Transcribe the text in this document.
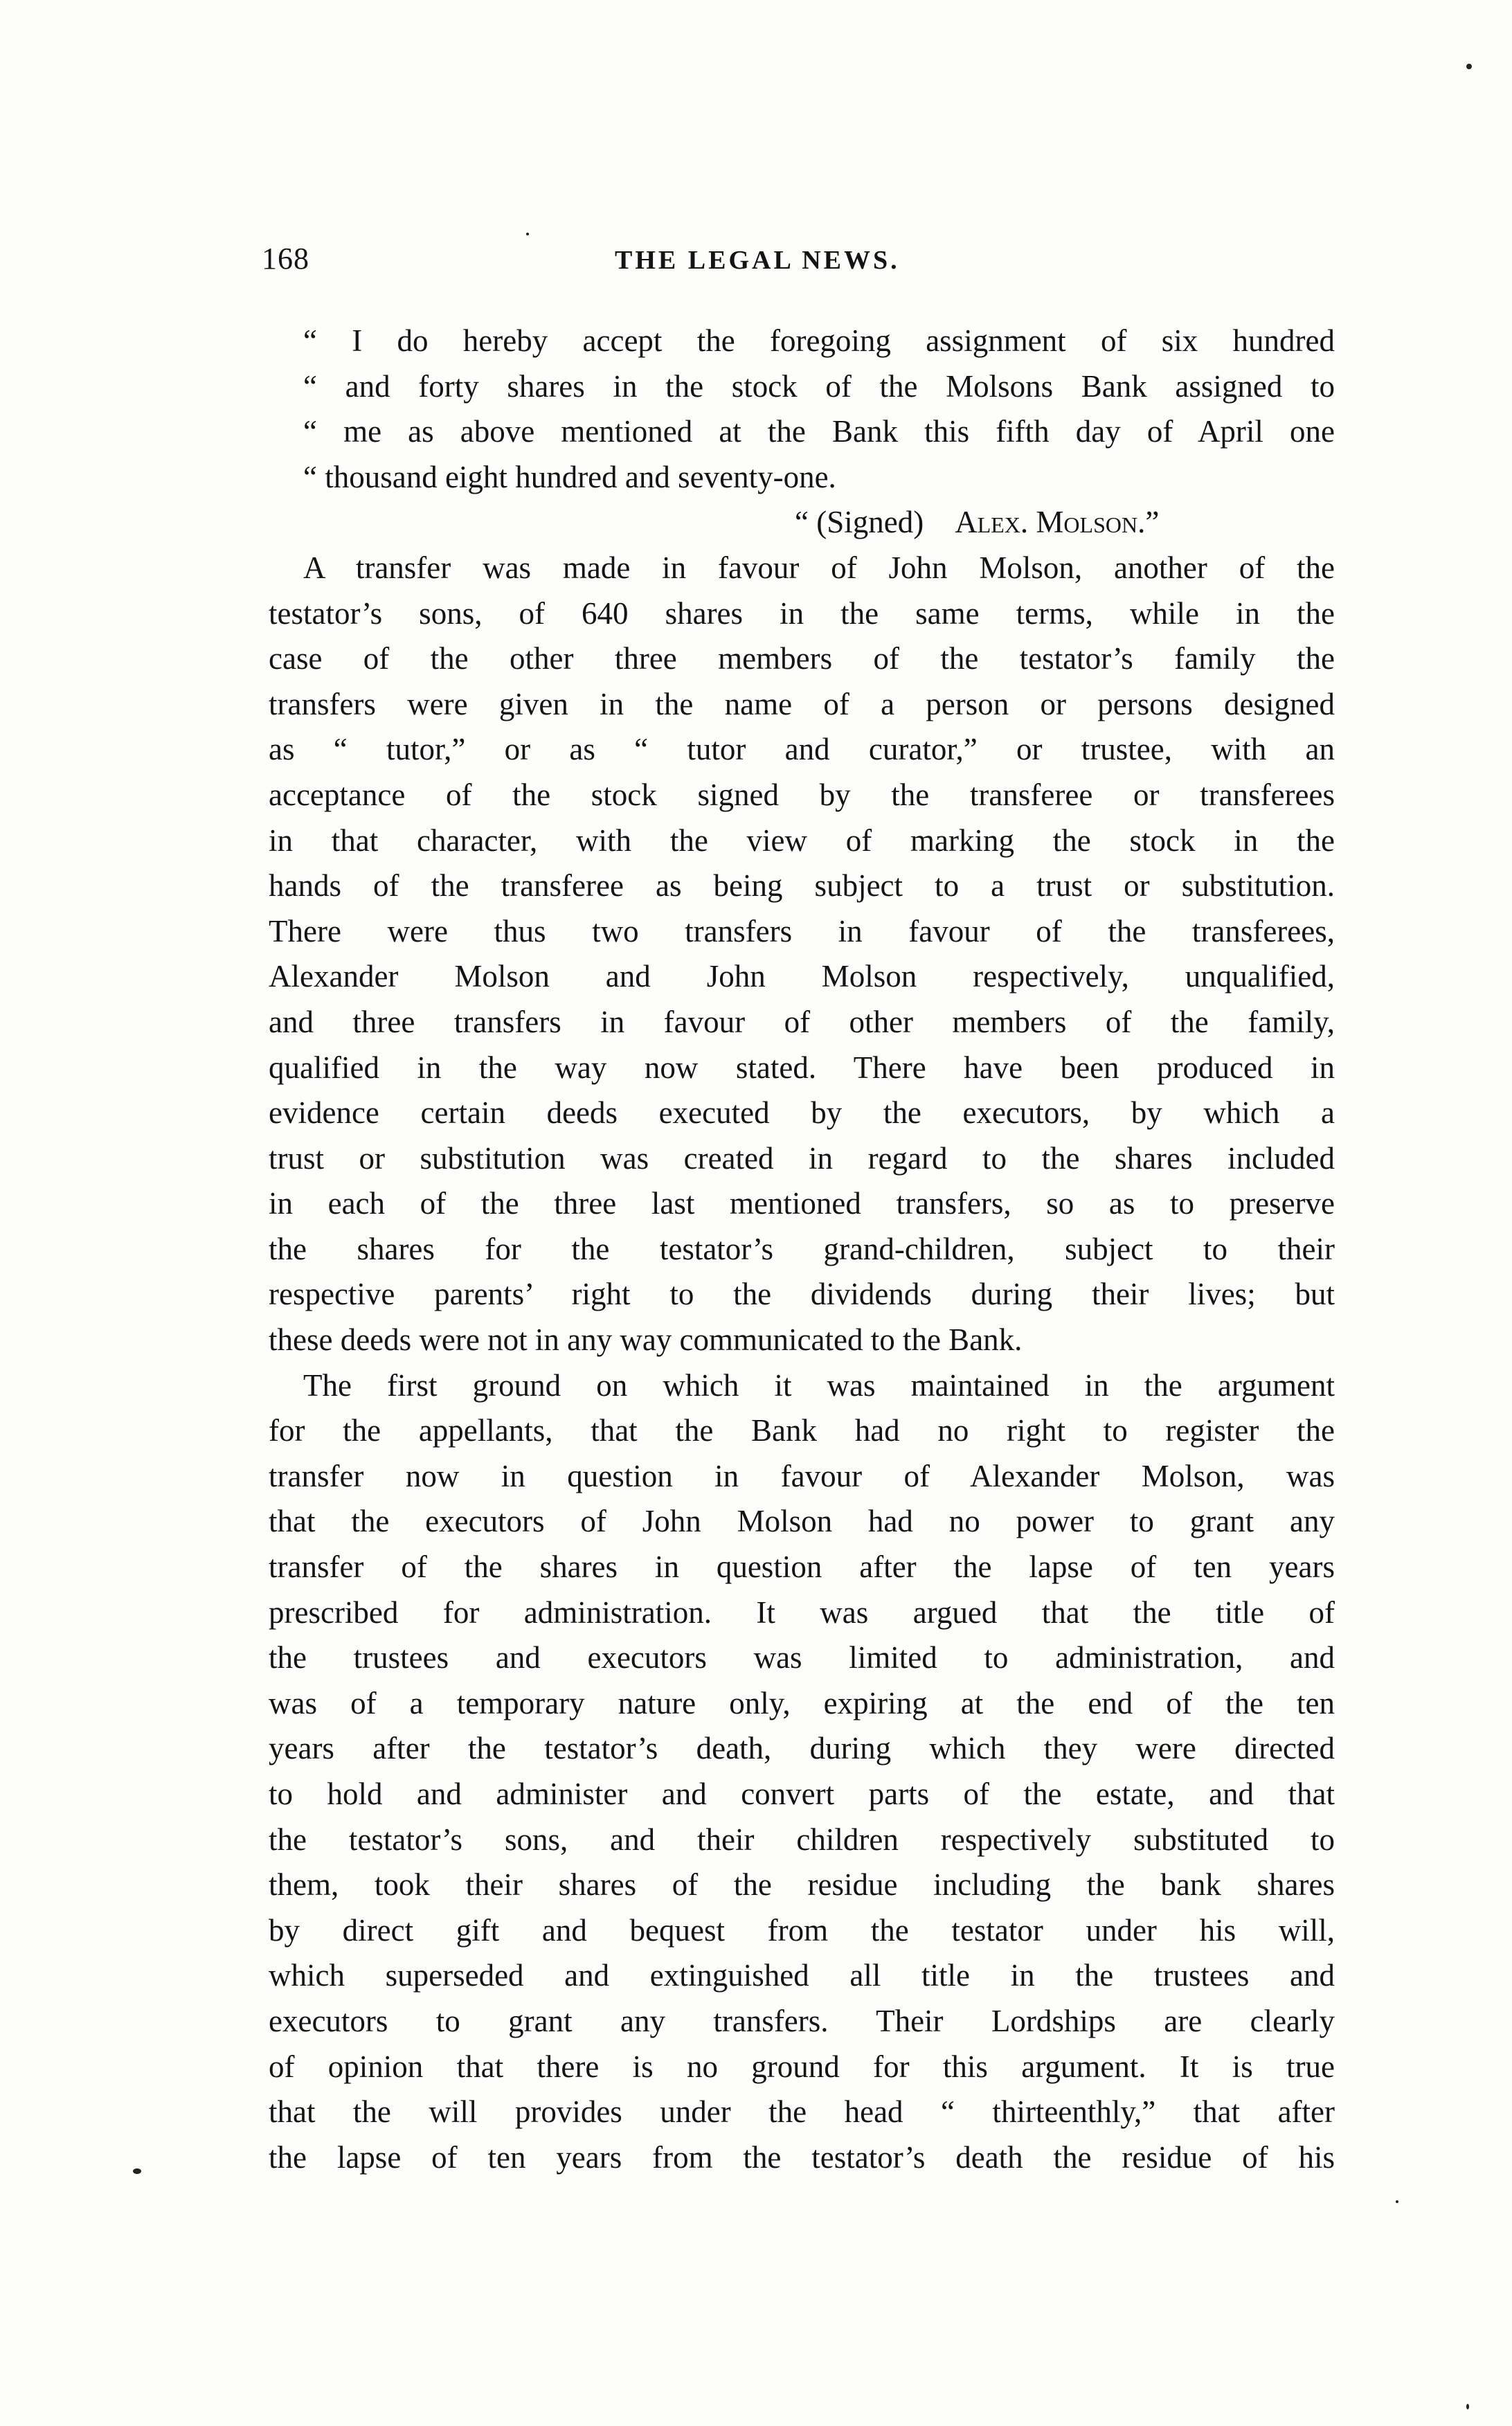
168	THE LEGAL NEWS.
“ I do hereby accept the foregoing assignment of six hundred
“ and forty shares in the stock of the Molsons Bank assigned to
“ me as above mentioned at the Bank this fifth day of April one
“ thousand eight hundred and seventy-one.
“ (Signed) Alex. Molson.”
A transfer was made in favour of John Molson, another of the
testator’s sons, of 640 shares in the same terms, while in the
case of the other three members of the testator’s family the
transfers were given in the name of a person or persons designed
as “ tutor,” or as “ tutor and curator,” or trustee, with an
acceptance of the stock signed by the transferee or transferees
in that character, with the view of marking the stock in the
hands of the transferee as being subject to a trust or substitution.
There were thus two transfers in favour of the transferees,
Alexander Molson and John Molson respectively, unqualified,
and three transfers in favour of other members of the family,
qualified in the way now stated. There have been produced in
evidence certain deeds executed by the executors, by which a
trust or substitution was created in regard to the shares included
in each of the three last mentioned transfers, so as to preserve
the shares for the testator’s grand-children, subject to their
respective parents’ right to the dividends during their lives; but
these deeds were not in any way communicated to the Bank.
The first ground on which it was maintained in the argument
for the appellants, that the Bank had no right to register the
transfer now in question in favour of Alexander Molson, was
that the executors of John Molson had no power to grant any
transfer of the shares in question after the lapse of ten years
prescribed for administration. It was argued that the title of
the trustees and executors was limited to administration, and
was of a temporary nature only, expiring at the end of the ten
years after the testator’s death, during which they were directed
to hold and administer and convert parts of the estate, and that
the testator’s sons, and their children respectively substituted to
them, took their shares of the residue including the bank shares
by direct gift and bequest from the testator under his will,
which superseded and extinguished all title in the trustees and
executors to grant any transfers. Their Lordships are clearly
of opinion that there is no ground for this argument. It is true
that the will provides under the head “ thirteenthly,” that after
the lapse of ten years from the testator’s death the residue of his
